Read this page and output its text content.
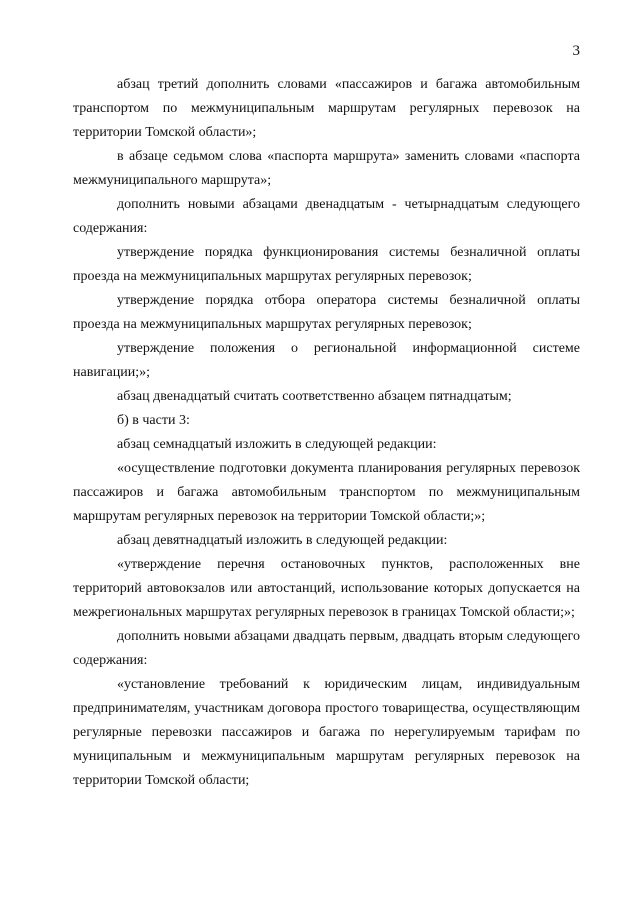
3

абзац третий дополнить словами «пассажиров и багажа автомобильным транспортом по межмуниципальным маршрутам регулярных перевозок на территории Томской области»;

в абзаце седьмом слова «паспорта маршрута» заменить словами «паспорта межмуниципального маршрута»;

дополнить новыми абзацами двенадцатым - четырнадцатым следующего содержания:

утверждение порядка функционирования системы безналичной оплаты проезда на межмуниципальных маршрутах регулярных перевозок;

утверждение порядка отбора оператора системы безналичной оплаты проезда на межмуниципальных маршрутах регулярных перевозок;

утверждение положения о региональной информационной системе навигации;»;

абзац двенадцатый считать соответственно абзацем пятнадцатым;

б) в части 3:

абзац семнадцатый изложить в следующей редакции:

«осуществление подготовки документа планирования регулярных перевозок пассажиров и багажа автомобильным транспортом по межмуниципальным маршрутам регулярных перевозок на территории Томской области;»;

абзац девятнадцатый изложить в следующей редакции:

«утверждение перечня остановочных пунктов, расположенных вне территорий автовокзалов или автостанций, использование которых допускается на межрегиональных маршрутах регулярных перевозок в границах Томской области;»;

дополнить новыми абзацами двадцать первым, двадцать вторым следующего содержания:

«установление требований к юридическим лицам, индивидуальным предпринимателям, участникам договора простого товарищества, осуществляющим регулярные перевозки пассажиров и багажа по нерегулируемым тарифам по муниципальным и межмуниципальным маршрутам регулярных перевозок на территории Томской области;
